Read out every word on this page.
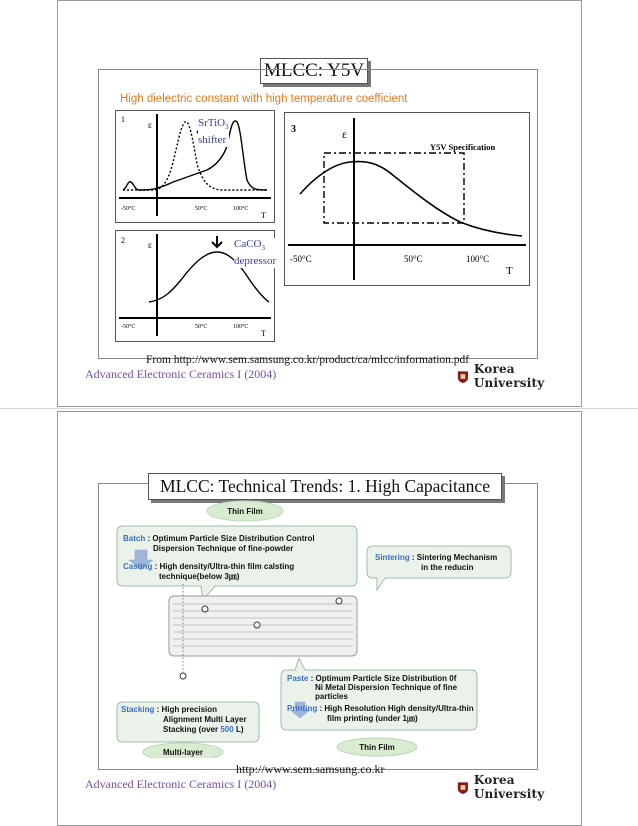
MLCC: Y5V
High dielectric constant with high temperature coefficient
1
ε
-50°C	50°C	100°C
T
SrTiO$_3$
shifter
2	ε
-50°C	50°C	100°C
T
CaCO$_3$
depressor
3	ε
Y5V Specification
-50°C	50°C	100°C
T
From http://www.sem.samsung.co.kr/product/ca/mlcc/information.pdf
Advanced Electronic Ceramics I (2004)	Korea University
MLCC: Technical Trends: 1. High Capacitance
Thin Film
Batch : Optimum Particle Size Distribution Control
Dispersion Technique of fine-powder
Casting : High density/Ultra-thin film calsting
technique(below 3㎛)
Sintering : Sintering Mechanism
in the reducin
Stacking : High precision
Alignment Multi Layer
Stacking (over 500 L)
Paste : Optimum Particle Size Distribution 0f
Ni Metal Dispersion Technique of fine
particles
Printing : High Resolution High density/Ultra-thin
film printing (under 1㎛)
Multi-layer
Thin Film
http://www.sem.samsung.co.kr
Advanced Electronic Ceramics I (2004)	Korea University
